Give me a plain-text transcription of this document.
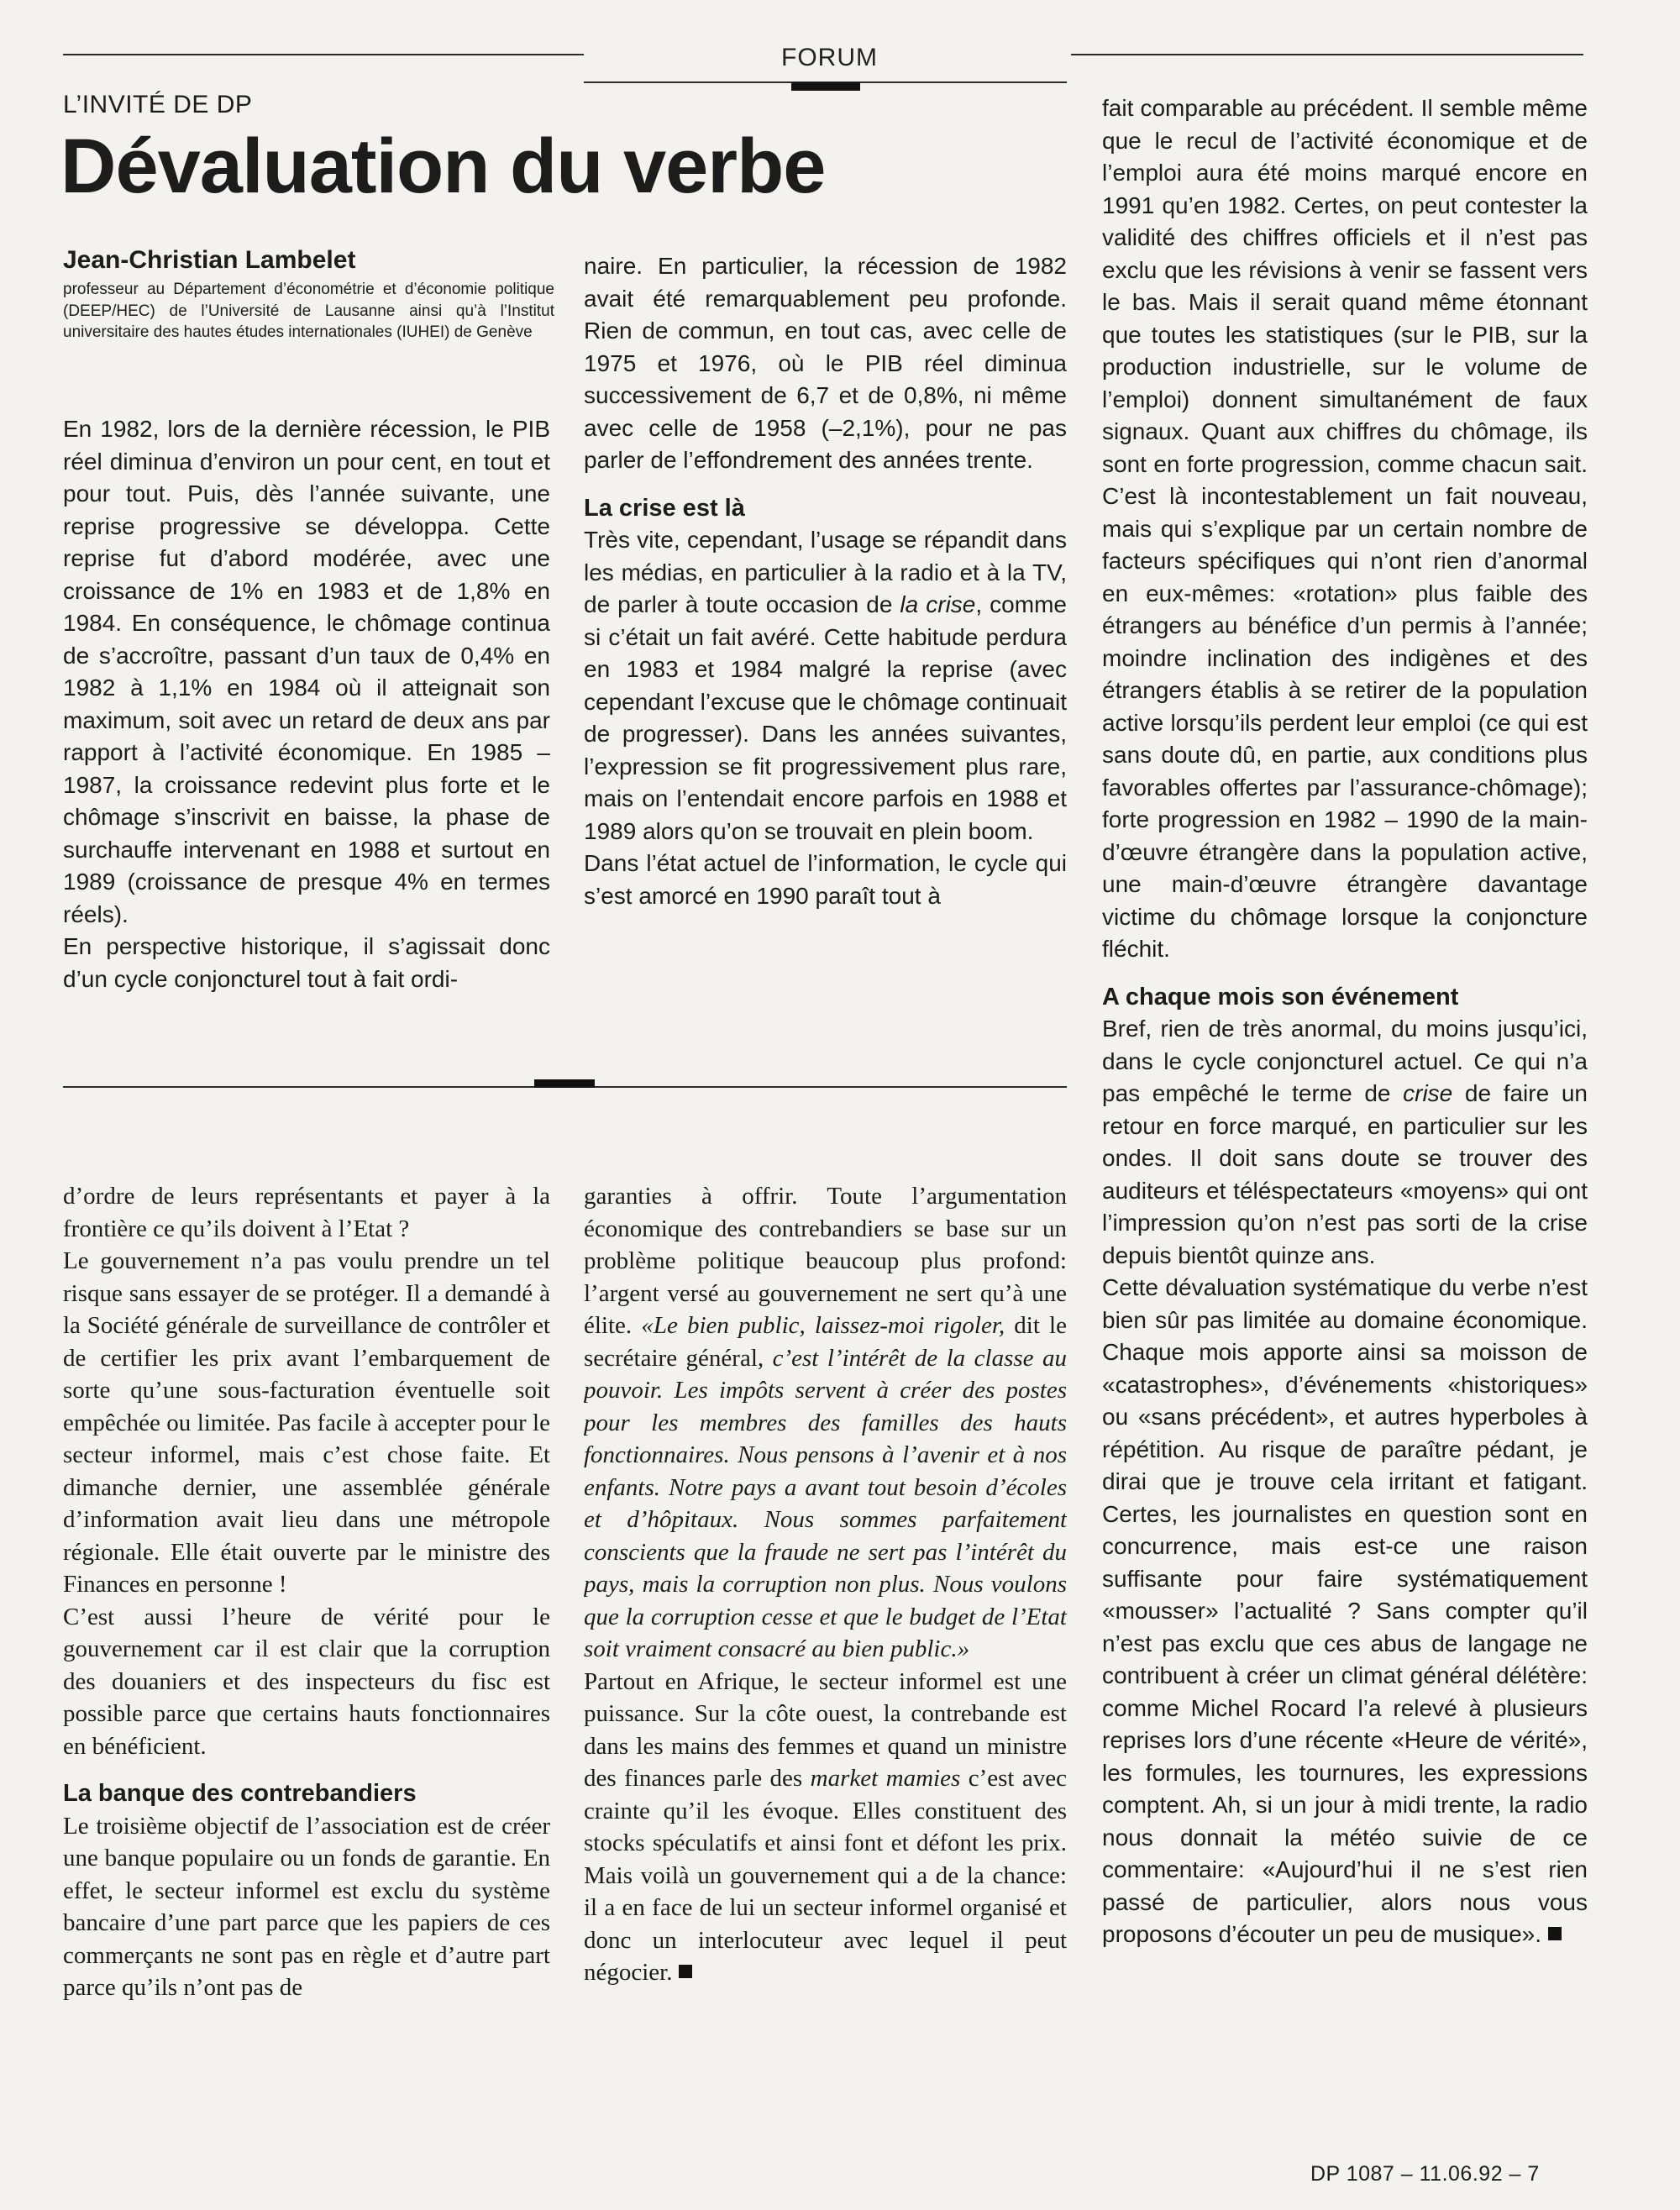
FORUM
L’INVITÉ DE DP
Dévaluation du verbe
Jean-Christian Lambelet
professeur au Département d’économétrie et d’économie politique (DEEP/HEC) de l’Université de Lausanne ainsi qu’à l’Institut universitaire des hautes études internationales (IUHEI) de Genève

En 1982, lors de la dernière récession, le PIB réel diminua d’environ un pour cent, en tout et pour tout. Puis, dès l’année suivante, une reprise progressive se développa. Cette reprise fut d’abord modérée, avec une croissance de 1% en 1983 et de 1,8% en 1984. En conséquence, le chômage continua de s’accroître, passant d’un taux de 0,4% en 1982 à 1,1% en 1984 où il atteignait son maximum, soit avec un retard de deux ans par rapport à l’activité économique. En 1985 – 1987, la croissance redevint plus forte et le chômage s’inscrivit en baisse, la phase de surchauffe intervenant en 1988 et surtout en 1989 (croissance de presque 4% en termes réels).

En perspective historique, il s’agissait donc d’un cycle conjoncturel tout à fait ordi-

naire. En particulier, la récession de 1982 avait été remarquablement peu profonde. Rien de commun, en tout cas, avec celle de 1975 et 1976, où le PIB réel diminua successivement de 6,7 et de 0,8%, ni même avec celle de 1958 (–2,1%), pour ne pas parler de l’effondrement des années trente.

La crise est là

Très vite, cependant, l’usage se répandit dans les médias, en particulier à la radio et à la TV, de parler à toute occasion de la crise, comme si c’était un fait avéré. Cette habitude perdura en 1983 et 1984 malgré la reprise (avec cependant l’excuse que le chômage continuait de progresser). Dans les années suivantes, l’expression se fit progressivement plus rare, mais on l’entendait encore parfois en 1988 et 1989 alors qu’on se trouvait en plein boom.

Dans l’état actuel de l’information, le cycle qui s’est amorcé en 1990 paraît tout à

fait comparable au précédent. Il semble même que le recul de l’activité économique et de l’emploi aura été moins marqué encore en 1991 qu’en 1982. Certes, on peut contester la validité des chiffres officiels et il n’est pas exclu que les révisions à venir se fassent vers le bas. Mais il serait quand même étonnant que toutes les statistiques (sur le PIB, sur la production industrielle, sur le volume de l’emploi) donnent simultanément de faux signaux. Quant aux chiffres du chômage, ils sont en forte progression, comme chacun sait. C’est là incontestablement un fait nouveau, mais qui s’explique par un certain nombre de facteurs spécifiques qui n’ont rien d’anormal en eux-mêmes: «rotation» plus faible des étrangers au bénéfice d’un permis à l’année; moindre inclination des indigènes et des étrangers établis à se retirer de la population active lorsqu’ils perdent leur emploi (ce qui est sans doute dû, en partie, aux conditions plus favorables offertes par l’assurance-chômage); forte progression en 1982 – 1990 de la main-d’œuvre étrangère dans la population active, une main-d’œuvre étrangère davantage victime du chômage lorsque la conjoncture fléchit.

A chaque mois son événement

Bref, rien de très anormal, du moins jusqu’ici, dans le cycle conjoncturel actuel. Ce qui n’a pas empêché le terme de crise de faire un retour en force marqué, en particulier sur les ondes. Il doit sans doute se trouver des auditeurs et téléspectateurs «moyens» qui ont l’impression qu’on n’est pas sorti de la crise depuis bientôt quinze ans.

Cette dévaluation systématique du verbe n’est bien sûr pas limitée au domaine économique. Chaque mois apporte ainsi sa moisson de «catastrophes», d’événements «historiques» ou «sans précédent», et autres hyperboles à répétition. Au risque de paraître pédant, je dirai que je trouve cela irritant et fatigant. Certes, les journalistes en question sont en concurrence, mais est-ce une raison suffisante pour faire systématiquement «mousser» l’actualité ? Sans compter qu’il n’est pas exclu que ces abus de langage ne contribuent à créer un climat général délétère: comme Michel Rocard l’a relevé à plusieurs reprises lors d’une récente «Heure de vérité», les formules, les tournures, les expressions comptent. Ah, si un jour à midi trente, la radio nous donnait la météo suivie de ce commentaire: «Aujourd’hui il ne s’est rien passé de particulier, alors nous vous proposons d’écouter un peu de musique».

d’ordre de leurs représentants et payer à la frontière ce qu’ils doivent à l’Etat ?

Le gouvernement n’a pas voulu prendre un tel risque sans essayer de se protéger. Il a demandé à la Société générale de surveillance de contrôler et de certifier les prix avant l’embarquement de sorte qu’une sous-facturation éventuelle soit empêchée ou limitée. Pas facile à accepter pour le secteur informel, mais c’est chose faite. Et dimanche dernier, une assemblée générale d’information avait lieu dans une métropole régionale. Elle était ouverte par le ministre des Finances en personne !

C’est aussi l’heure de vérité pour le gouvernement car il est clair que la corruption des douaniers et des inspecteurs du fisc est possible parce que certains hauts fonctionnaires en bénéficient.

La banque des contrebandiers

Le troisième objectif de l’association est de créer une banque populaire ou un fonds de garantie. En effet, le secteur informel est exclu du système bancaire d’une part parce que les papiers de ces commerçants ne sont pas en règle et d’autre part parce qu’ils n’ont pas de

garanties à offrir. Toute l’argumentation économique des contrebandiers se base sur un problème politique beaucoup plus profond: l’argent versé au gouvernement ne sert qu’à une élite. «Le bien public, laissez-moi rigoler, dit le secrétaire général, c’est l’intérêt de la classe au pouvoir. Les impôts servent à créer des postes pour les membres des familles des hauts fonctionnaires. Nous pensons à l’avenir et à nos enfants. Notre pays a avant tout besoin d’écoles et d’hôpitaux. Nous sommes parfaitement conscients que la fraude ne sert pas l’intérêt du pays, mais la corruption non plus. Nous voulons que la corruption cesse et que le budget de l’Etat soit vraiment consacré au bien public.»

Partout en Afrique, le secteur informel est une puissance. Sur la côte ouest, la contrebande est dans les mains des femmes et quand un ministre des finances parle des market mamies c’est avec crainte qu’il les évoque. Elles constituent des stocks spéculatifs et ainsi font et défont les prix. Mais voilà un gouvernement qui a de la chance: il a en face de lui un secteur informel organisé et donc un interlocuteur avec lequel il peut négocier.

DP 1087 – 11.06.92 – 7
